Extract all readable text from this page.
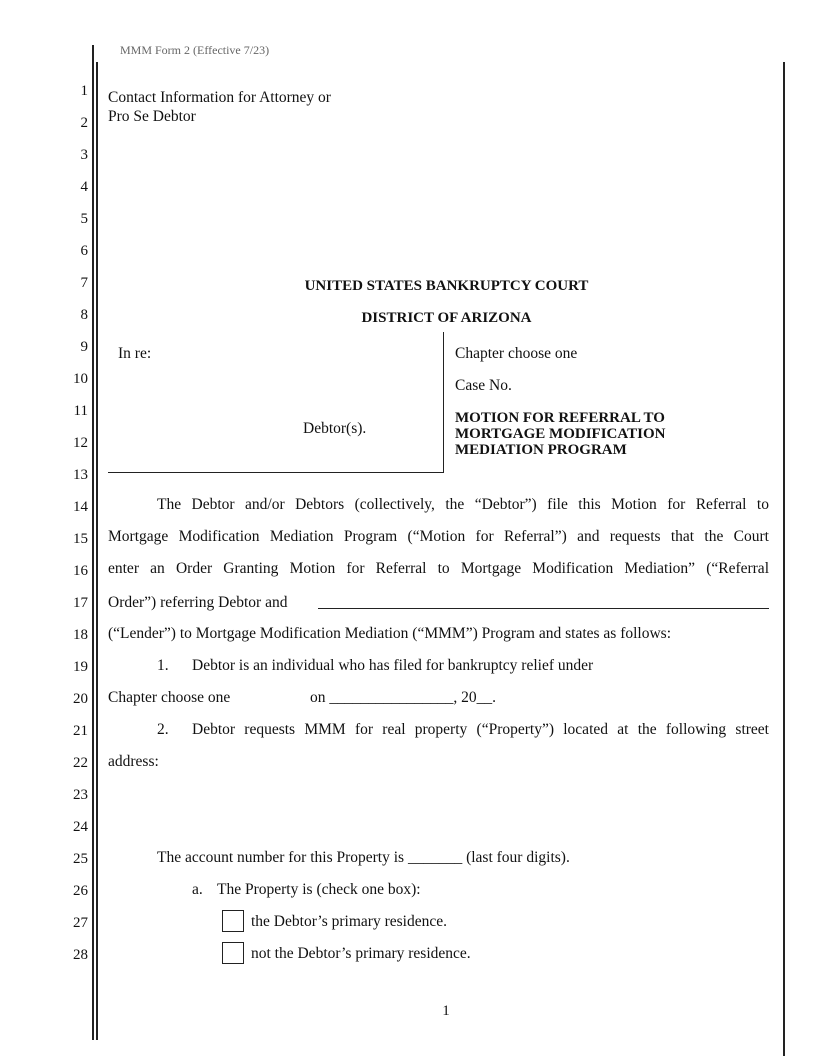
MMM Form 2 (Effective 7/23)
1
2
3
4
5
6
7
8
9
10
11
12
13
14
15
16
17
18
19
20
21
22
23
24
25
26
27
28
Contact Information for Attorney or
Pro Se Debtor
UNITED STATES BANKRUPTCY COURT
DISTRICT OF ARIZONA
In re:
Debtor(s).
Chapter choose one
Case No.
MOTION FOR REFERRAL TO
MORTGAGE MODIFICATION
MEDIATION PROGRAM
The Debtor and/or Debtors (collectively, the “Debtor”) file this Motion for Referral to
Mortgage Modification Mediation Program (“Motion for Referral”) and requests that the Court
enter an Order Granting Motion for Referral to Mortgage Modification Mediation” (“Referral
Order”) referring Debtor and
(“Lender”) to Mortgage Modification Mediation (“MMM”) Program and states as follows:
1. Debtor is an individual who has filed for bankruptcy relief under
Chapter choose one	on ________________, 20__.
2. Debtor requests MMM for real property (“Property”) located at the following street
address:
The account number for this Property is _______ (last four digits).
a. The Property is (check one box):
the Debtor’s primary residence.
not the Debtor’s primary residence.
1
